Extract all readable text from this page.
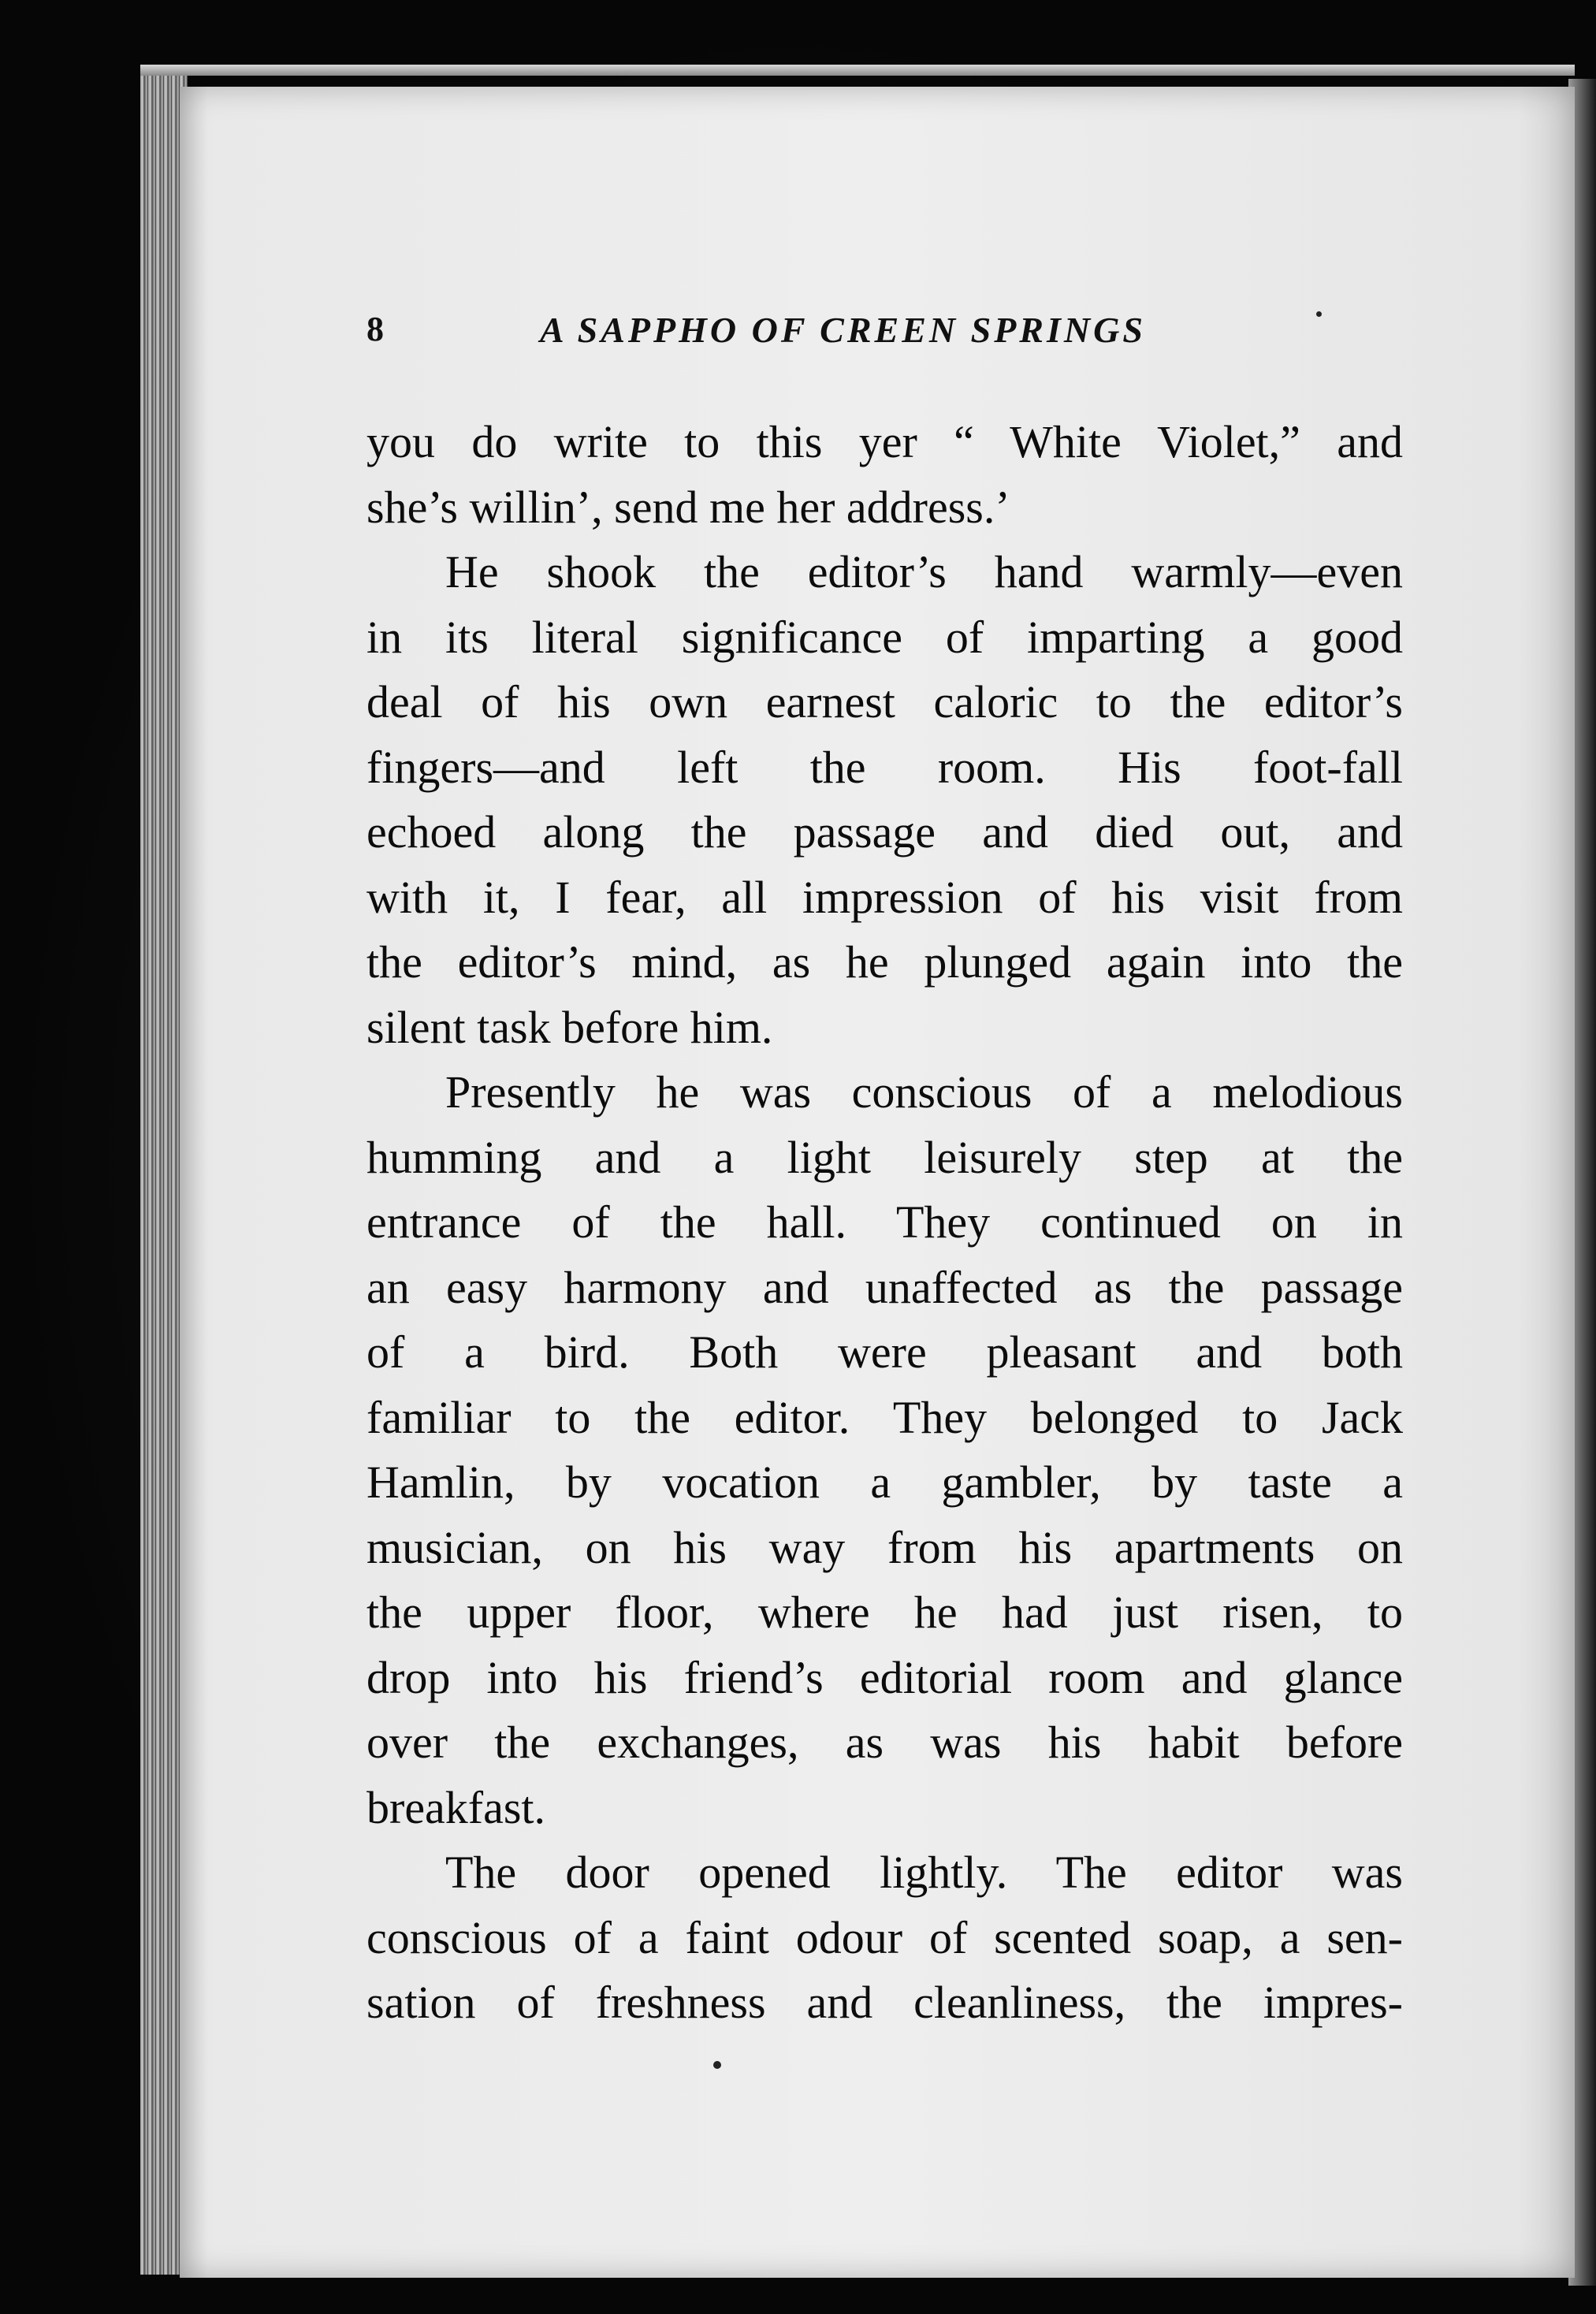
8	A SAPPHO OF CREEN SPRINGS
you do write to this yer “ White Violet,” and
she’s willin’, send me her address.’
He shook the editor’s hand warmly—even
in its literal significance of imparting a good
deal of his own earnest caloric to the editor’s
fingers—and left the room. His foot-fall
echoed along the passage and died out, and
with it, I fear, all impression of his visit from
the editor’s mind, as he plunged again into the
silent task before him.
Presently he was conscious of a melodious
humming and a light leisurely step at the
entrance of the hall. They continued on in
an easy harmony and unaffected as the passage
of a bird. Both were pleasant and both
familiar to the editor. They belonged to Jack
Hamlin, by vocation a gambler, by taste a
musician, on his way from his apartments on
the upper floor, where he had just risen, to
drop into his friend’s editorial room and glance
over the exchanges, as was his habit before
breakfast.
The door opened lightly. The editor was
conscious of a faint odour of scented soap, a sen-
sation of freshness and cleanliness, the impres-
